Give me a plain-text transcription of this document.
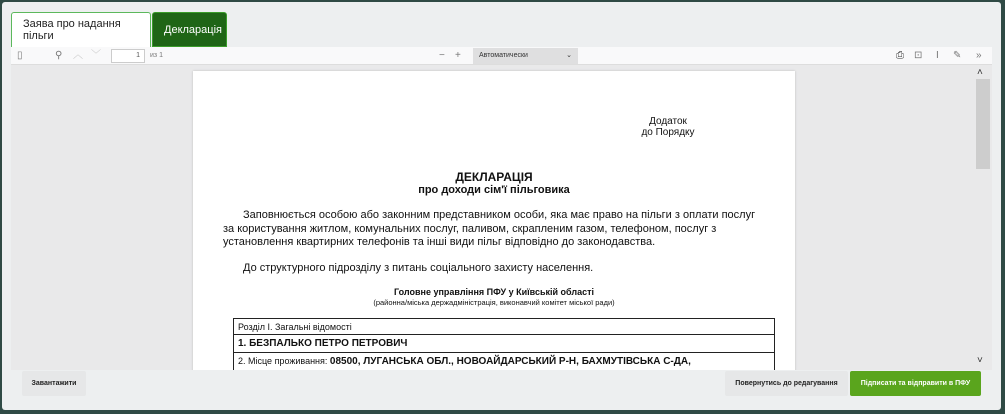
Заява про надання пільги
Декларація
▯	⚲ ︿ ﹀	1	из 1	− +	Автоматически	⌄	⎙ ⊡ I ✎ »
Додаток
до Порядку
ДЕКЛАРАЦІЯ
про доходи сім'ї пільговика
Заповнюється особою або законним представником особи, яка має право на пільги з оплати послуг
за користування житлом, комунальних послуг, паливом, скрапленим газом, телефоном, послуг з
установлення квартирних телефонів та інші види пільг відповідно до законодавства.
До структурного підрозділу з питань соціального захисту населення.
Головне управління ПФУ у Київській області
(районна/міська держадміністрація, виконавчий комітет міської ради)
Розділ I. Загальні відомості
1. БЕЗПАЛЬКО ПЕТРО ПЕТРОВИЧ
2. Місце проживання: 08500, ЛУГАНСЬКА ОБЛ., НОВОАЙДАРСЬКИЙ Р-Н, БАХМУТІВСЬКА С-ДА,
˄
˅
Завантажити	Повернутись до редагування	Підписати та відправити в ПФУ
